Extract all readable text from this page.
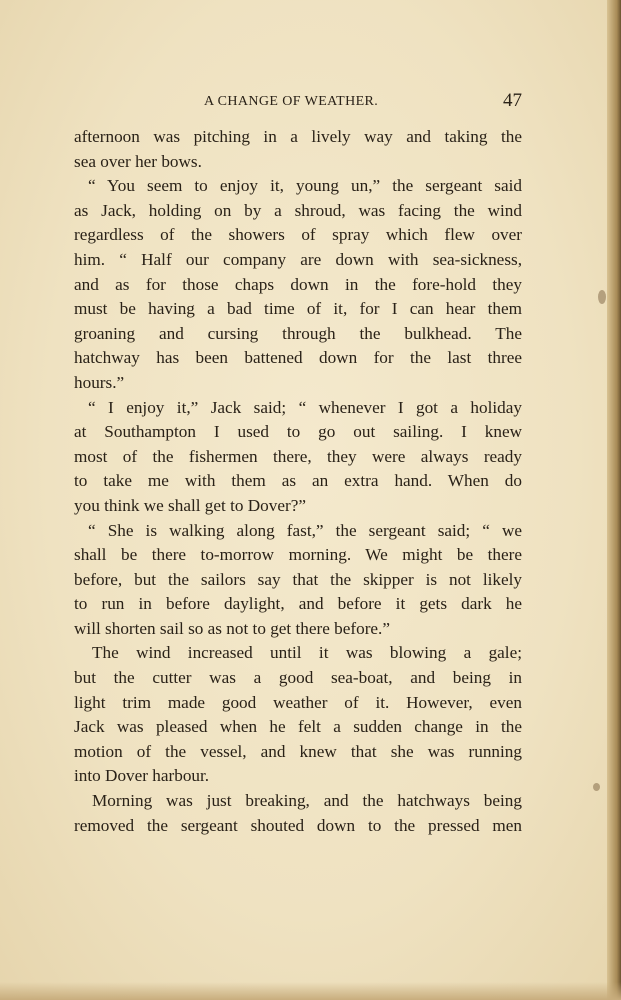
A CHANGE OF WEATHER.	47
afternoon was pitching in a lively way and taking the
sea over her bows.
“ You seem to enjoy it, young un,” the sergeant said
as Jack, holding on by a shroud, was facing the wind
regardless of the showers of spray which flew over
him. “ Half our company are down with sea-sickness,
and as for those chaps down in the fore-hold they
must be having a bad time of it, for I can hear them
groaning and cursing through the bulkhead. The
hatchway has been battened down for the last three
hours.”
“ I enjoy it,” Jack said; “ whenever I got a holiday
at Southampton I used to go out sailing. I knew
most of the fishermen there, they were always ready
to take me with them as an extra hand. When do
you think we shall get to Dover?”
“ She is walking along fast,” the sergeant said; “ we
shall be there to-morrow morning. We might be there
before, but the sailors say that the skipper is not likely
to run in before daylight, and before it gets dark he
will shorten sail so as not to get there before.”
The wind increased until it was blowing a gale;
but the cutter was a good sea-boat, and being in
light trim made good weather of it. However, even
Jack was pleased when he felt a sudden change in the
motion of the vessel, and knew that she was running
into Dover harbour.
Morning was just breaking, and the hatchways being
removed the sergeant shouted down to the pressed men
